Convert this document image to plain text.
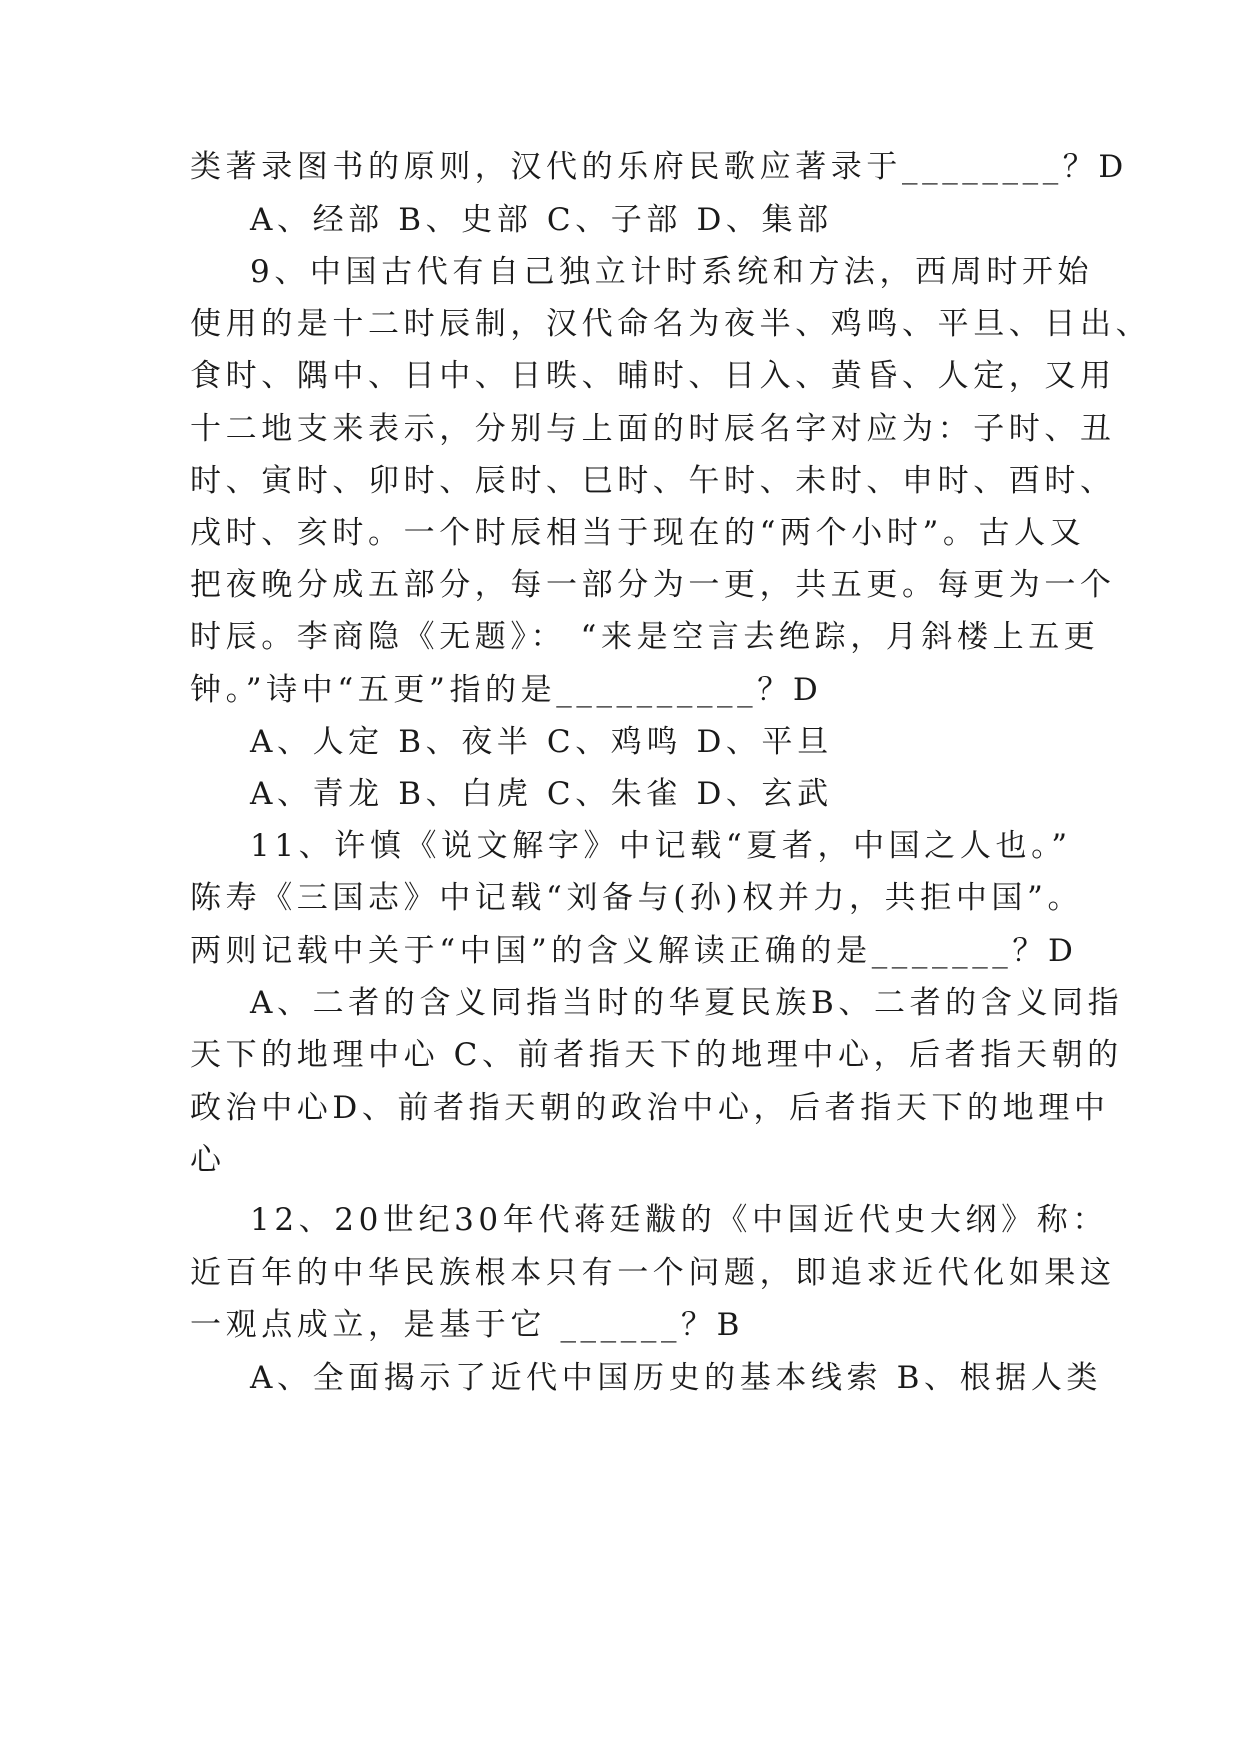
类著录图书的原则，汉代的乐府民歌应著录于________？D
A、经部 B、史部 C、子部 D、集部
9、中国古代有自己独立计时系统和方法，西周时开始
使用的是十二时辰制，汉代命名为夜半、鸡鸣、平旦、日出、
食时、隅中、日中、日昳、晡时、日入、黄昏、人定，又用
十二地支来表示，分别与上面的时辰名字对应为：子时、丑
时、寅时、卯时、辰时、巳时、午时、未时、申时、酉时、
戌时、亥时。一个时辰相当于现在的“两个小时”。古人又
把夜晚分成五部分，每一部分为一更，共五更。每更为一个
时辰。李商隐《无题》： “来是空言去绝踪，月斜楼上五更
钟。”诗中“五更”指的是__________？D
A、人定 B、夜半 C、鸡鸣 D、平旦
A、青龙 B、白虎 C、朱雀 D、玄武
11、许慎《说文解字》中记载“夏者，中国之人也。”
陈寿《三国志》中记载“刘备与(孙)权并力，共拒中国”。
两则记载中关于“中国”的含义解读正确的是_______？D
A、二者的含义同指当时的华夏民族B、二者的含义同指
天下的地理中心 C、前者指天下的地理中心，后者指天朝的
政治中心D、前者指天朝的政治中心，后者指天下的地理中
心
12、20世纪30年代蒋廷黻的《中国近代史大纲》称：
近百年的中华民族根本只有一个问题，即追求近代化如果这
一观点成立，是基于它 ______？B
A、全面揭示了近代中国历史的基本线索 B、根据人类
